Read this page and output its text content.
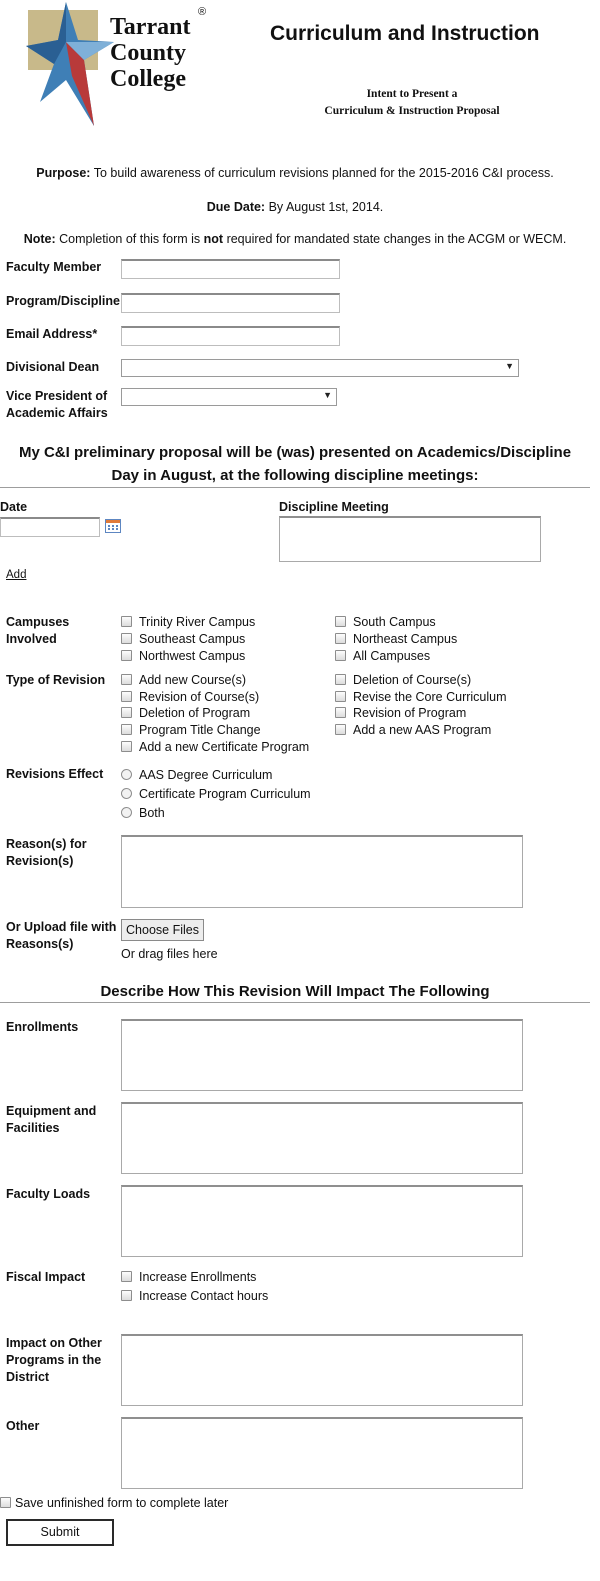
Tarrant
County
College
®
Curriculum and Instruction
Intent to Present a
Curriculum & Instruction Proposal
Purpose: To build awareness of curriculum revisions planned for the 2015-2016 C&I process.
Due Date: By August 1st, 2014.
Note: Completion of this form is not required for mandated state changes in the ACGM or WECM.
Faculty Member
Program/Discipline
Email Address*
Divisional Dean	▼
Vice President of
Academic Affairs
▼
My C&I preliminary proposal will be (was) presented on Academics/Discipline
Day in August, at the following discipline meetings:
Date	Discipline Meeting
Add
Campuses
Involved
Trinity River Campus
Southeast Campus
Northwest Campus
South Campus
Northeast Campus
All Campuses
Type of Revision	Add new Course(s)
Revision of Course(s)
Deletion of Program
Program Title Change
Add a new Certificate Program
Deletion of Course(s)
Revise the Core Curriculum
Revision of Program
Add a new AAS Program
Revisions Effect	AAS Degree Curriculum
Certificate Program Curriculum
Both
Reason(s) for
Revision(s)
Or Upload file with
Reasons(s)
Choose Files
Or drag files here
Describe How This Revision Will Impact The Following
Enrollments
Equipment and
Facilities
Faculty Loads
Fiscal Impact	Increase Enrollments
Increase Contact hours
Impact on Other
Programs in the
District
Other
Save unfinished form to complete later
Submit
